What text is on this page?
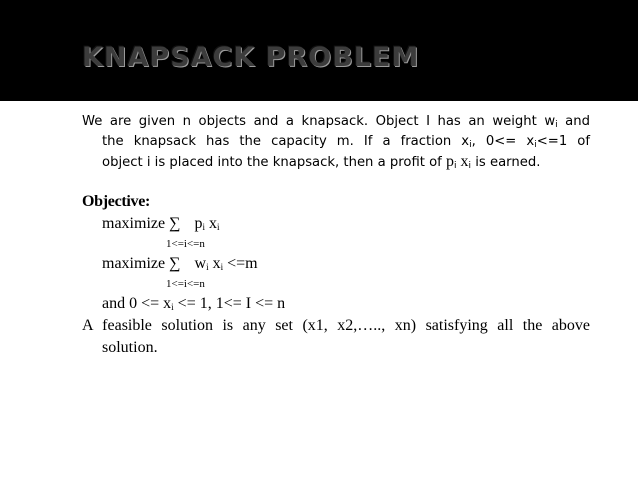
KNAPSACK PROBLEM
We are given n objects and a knapsack. Object I has an weight $w_i$ and
the knapsack has the capacity m. If a fraction $x_i$, $0<= x_i<=1$ of
object i is placed into the knapsack, then a profit of $p_i$ $x_i$ is earned.
Objective:
maximize ∑ $p_i$ $x_i$
1<=i<=n
maximize ∑ $w_i$ $x_i <=m$
1<=i<=n
and $0 <= x_i <= 1$, 1<= I <= n
A feasible solution is any set (x1, x2,….., xn) satisfying all the above
solution.
